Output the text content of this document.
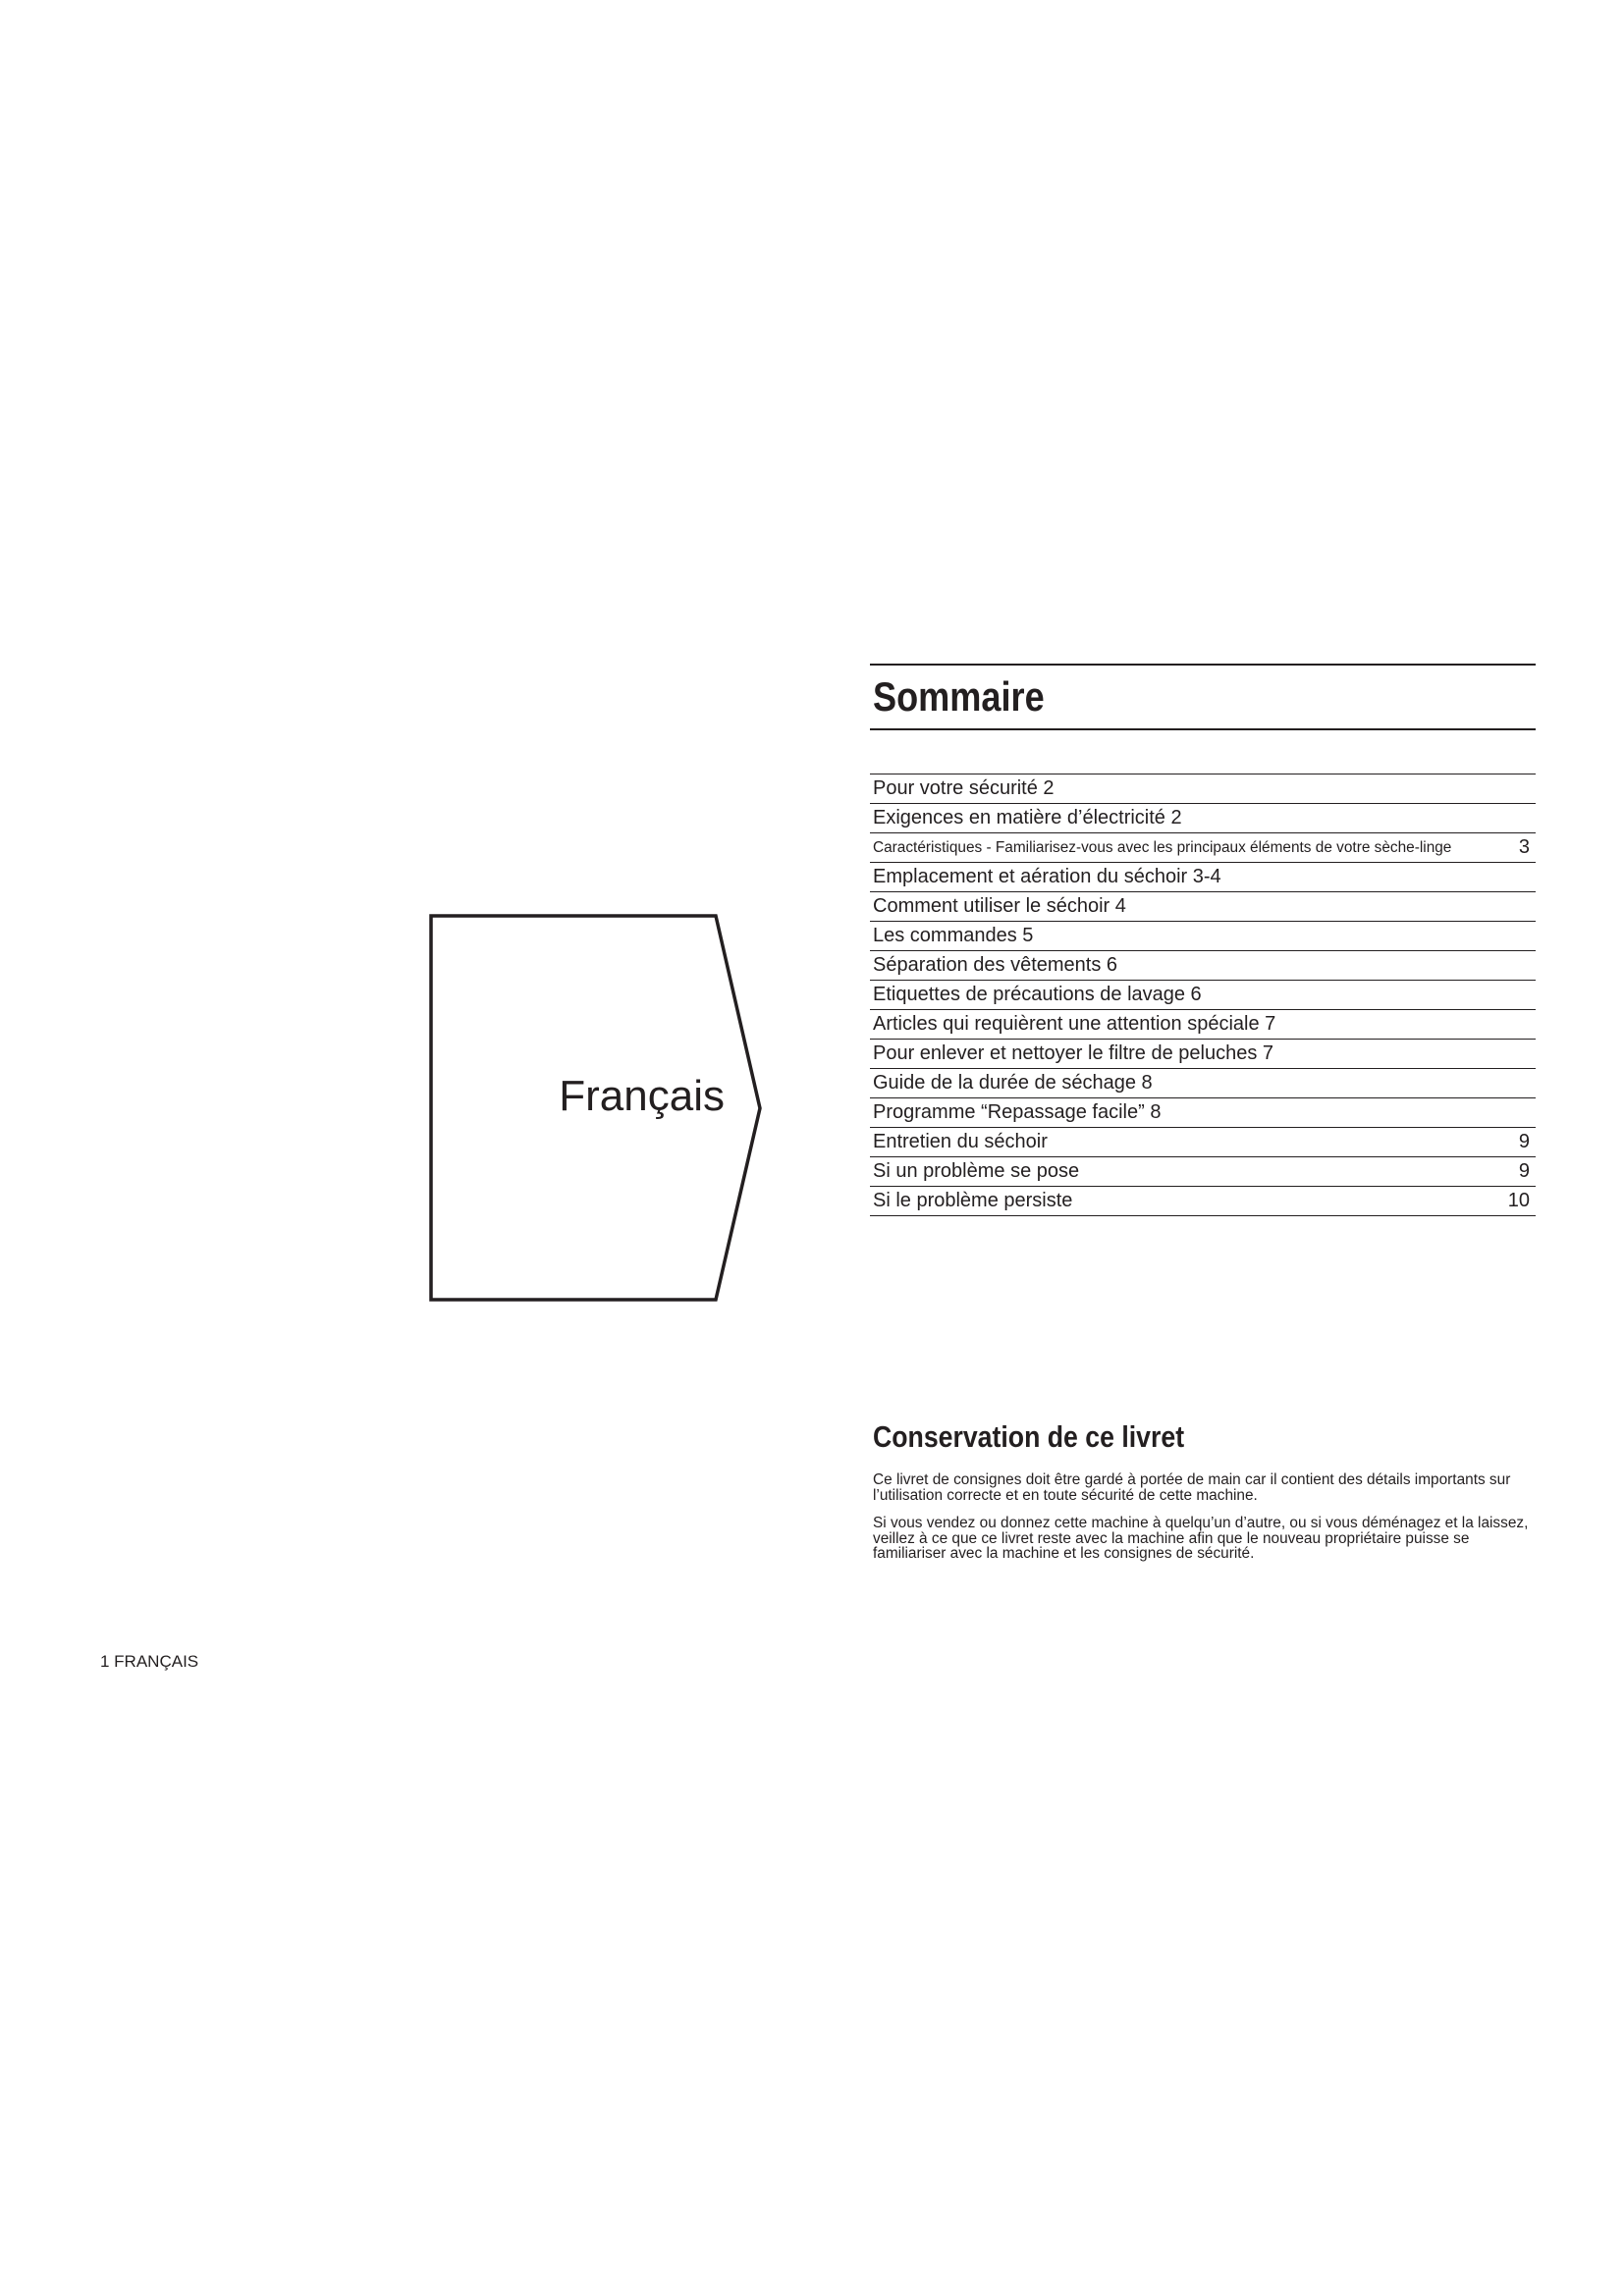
Français
Sommaire
Pour votre sécurité 2
Exigences en matière d’électricité 2
Caractéristiques - Familiarisez-vous avec les principaux éléments de votre sèche-linge	3
Emplacement et aération du séchoir 3-4
Comment utiliser le séchoir 4
Les commandes 5
Séparation des vêtements 6
Etiquettes de précautions de lavage 6
Articles qui requièrent une attention spéciale 7
Pour enlever et nettoyer le filtre de peluches 7
Guide de la durée de séchage 8
Programme “Repassage facile” 8
Entretien du séchoir	9
Si un problème se pose	9
Si le problème persiste	10
Conservation de ce livret

Ce livret de consignes doit être gardé à portée de main car il contient des détails importants sur l’utilisation correcte et en toute sécurité de cette machine.

Si vous vendez ou donnez cette machine à quelqu’un d’autre, ou si vous déménagez et la laissez, veillez à ce que ce livret reste avec la machine afin que le nouveau propriétaire puisse se familiariser avec la machine et les consignes de sécurité.

1 FRANÇAIS
